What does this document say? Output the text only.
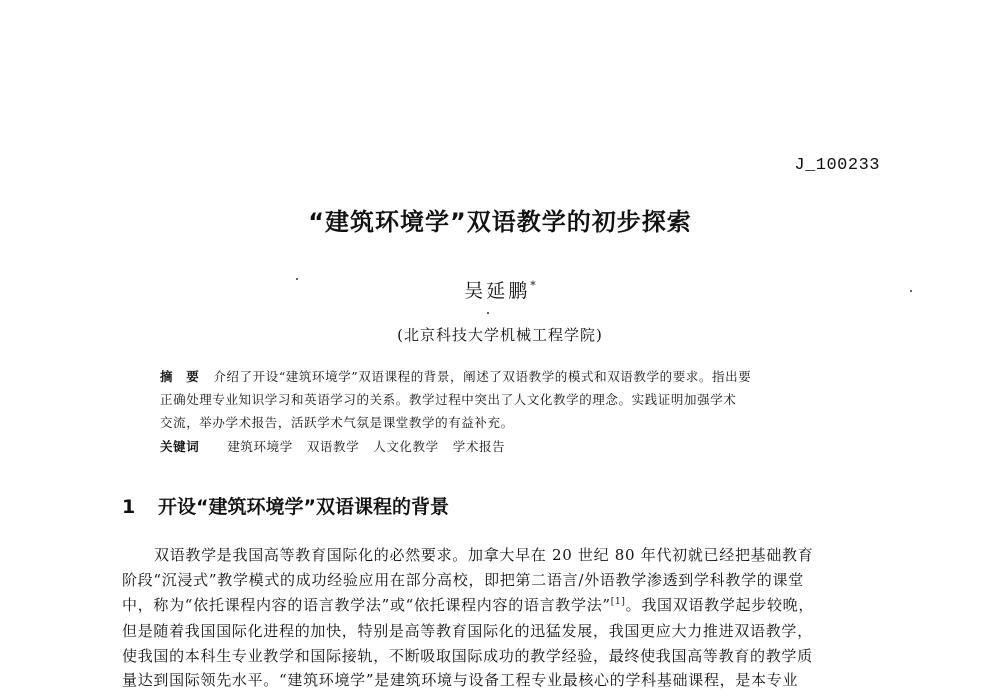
J_100233
“建筑环境学”双语教学的初步探索
吴延鹏*
(北京科技大学机械工程学院)
摘　要 介绍了开设“建筑环境学”双语课程的背景，阐述了双语教学的模式和双语教学的要求。指出要
正确处理专业知识学习和英语学习的关系。教学过程中突出了人文化教学的理念。实践证明加强学术
交流，举办学术报告，活跃学术气氛是课堂教学的有益补充。
关键词 建筑环境学 双语教学 人文化教学 学术报告
1 开设“建筑环境学”双语课程的背景
双语教学是我国高等教育国际化的必然要求。加拿大早在 20 世纪 80 年代初就已经把基础教育
阶段“沉浸式”教学模式的成功经验应用在部分高校，即把第二语言/外语教学渗透到学科教学的课堂
中，称为“依托课程内容的语言教学法”或“依托课程内容的语言教学法”[1]。我国双语教学起步较晚，
但是随着我国国际化进程的加快，特别是高等教育国际化的迅猛发展，我国更应大力推进双语教学，
使我国的本科生专业教学和国际接轨，不断吸取国际成功的教学经验，最终使我国高等教育的教学质
量达到国际领先水平。“建筑环境学”是建筑环境与设备工程专业最核心的学科基础课程，是本专业
